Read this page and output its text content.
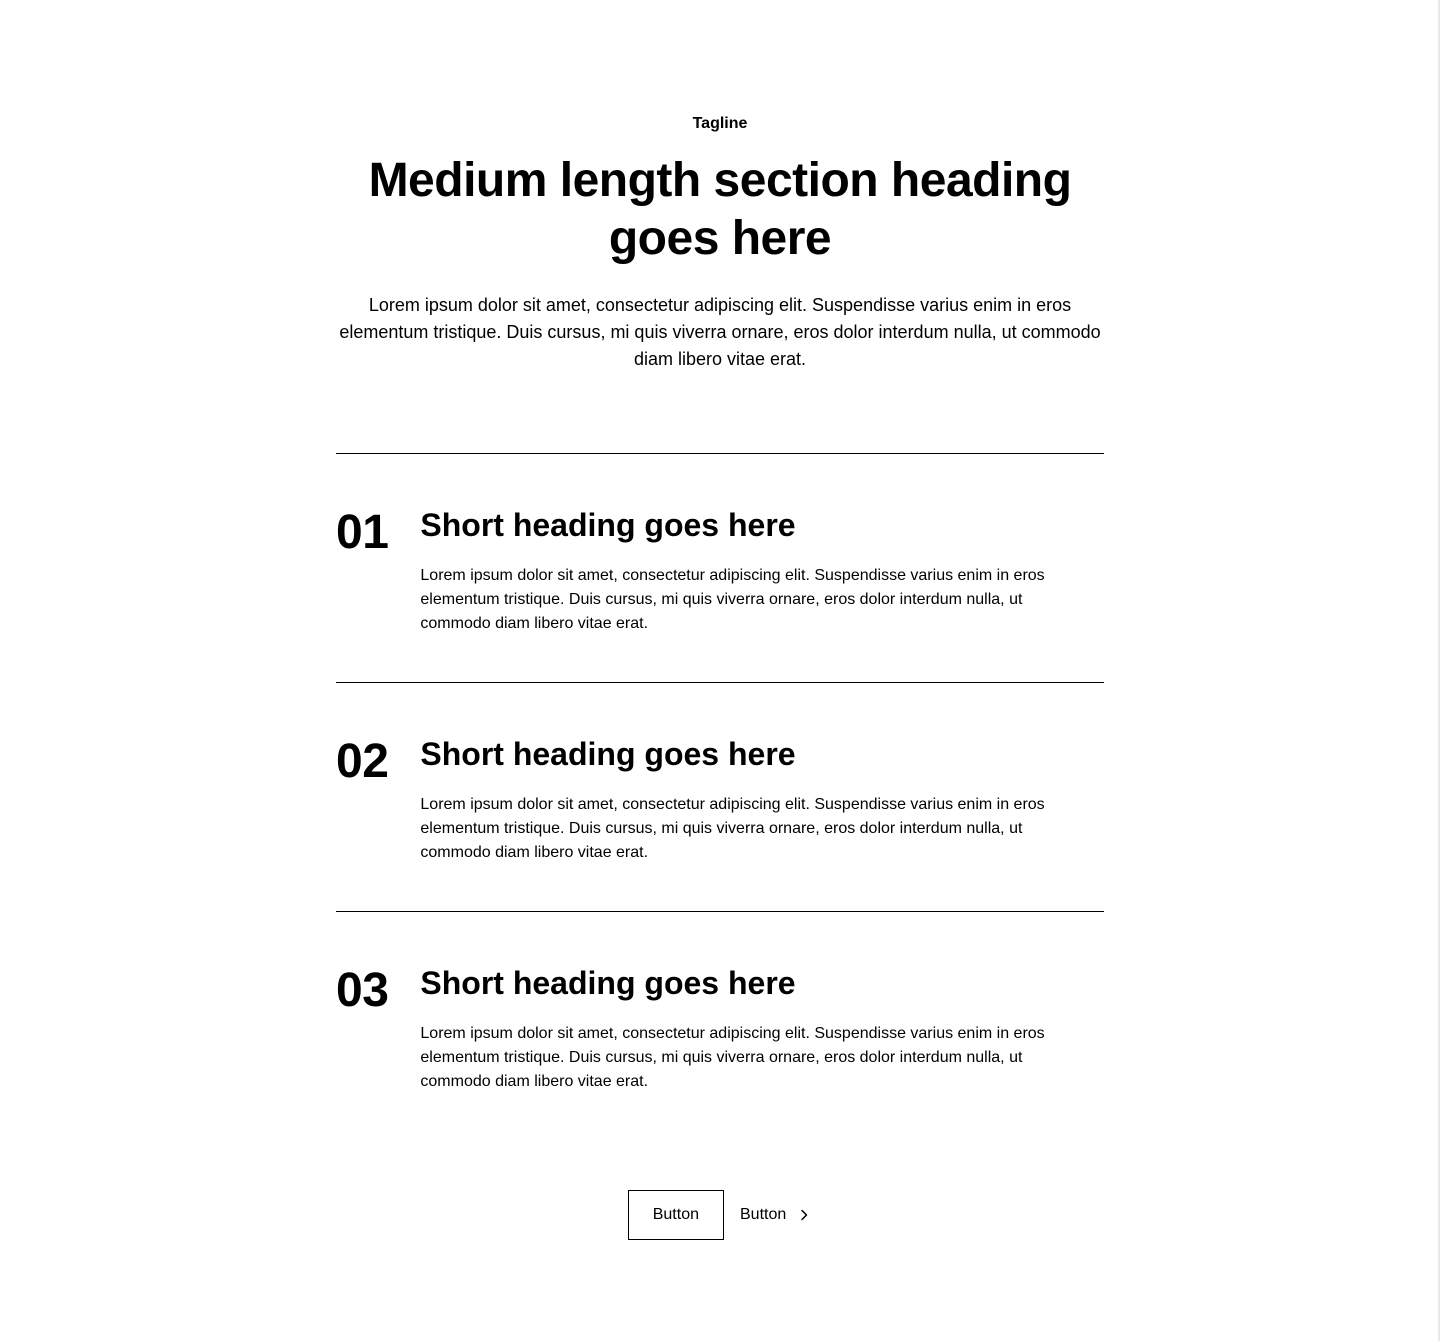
Tagline

Medium length section heading goes here

Lorem ipsum dolor sit amet, consectetur adipiscing elit. Suspendisse varius enim in eros elementum tristique. Duis cursus, mi quis viverra ornare, eros dolor interdum nulla, ut commodo diam libero vitae erat.

01 Short heading goes here

Lorem ipsum dolor sit amet, consectetur adipiscing elit. Suspendisse varius enim in eros elementum tristique. Duis cursus, mi quis viverra ornare, eros dolor interdum nulla, ut commodo diam libero vitae erat.

02 Short heading goes here

Lorem ipsum dolor sit amet, consectetur adipiscing elit. Suspendisse varius enim in eros elementum tristique. Duis cursus, mi quis viverra ornare, eros dolor interdum nulla, ut commodo diam libero vitae erat.

03 Short heading goes here

Lorem ipsum dolor sit amet, consectetur adipiscing elit. Suspendisse varius enim in eros elementum tristique. Duis cursus, mi quis viverra ornare, eros dolor interdum nulla, ut commodo diam libero vitae erat.

Button	Button
